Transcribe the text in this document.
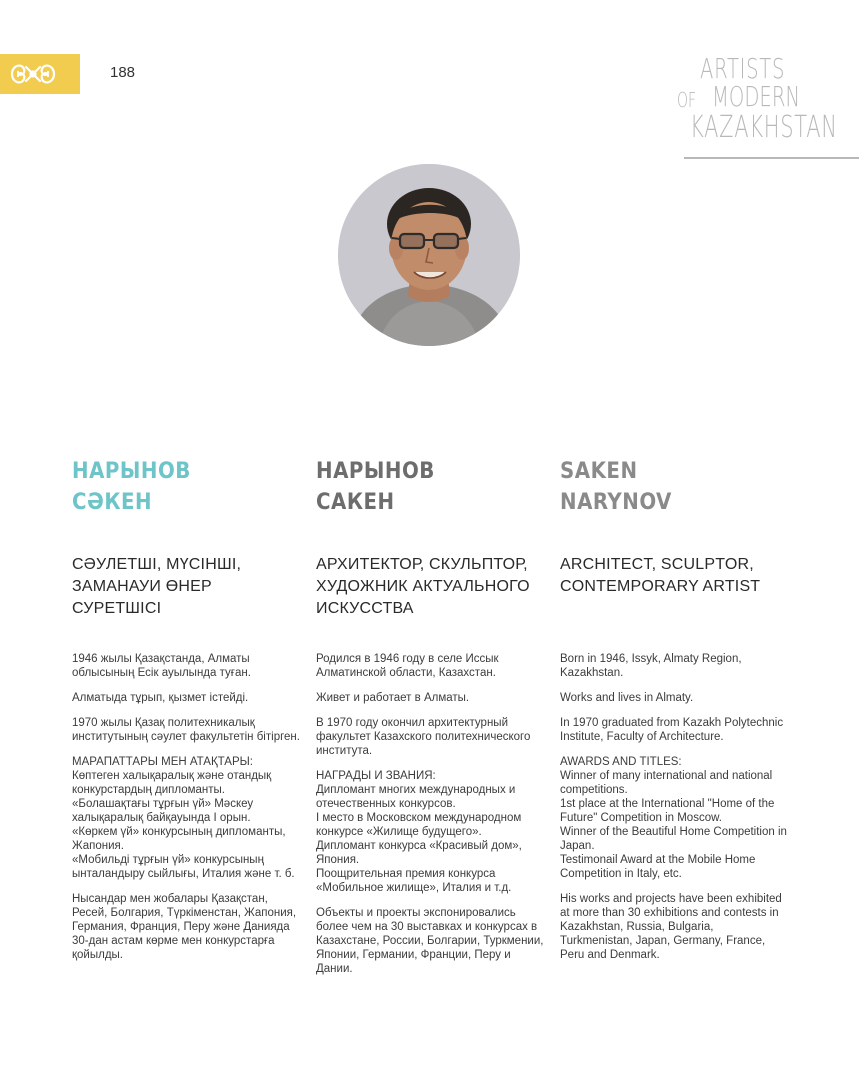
188	ARTISTS
OF MODERN
KAZAKHSTAN
НАРЫНОВ
СӘКЕН
СӘУЛЕТШІ, МҮСІНШІ,
ЗАМАНАУИ ӨНЕР СУРЕТШІСІ

1946 жылы Қазақстанда, Алматы облысының Есік ауылында туған.

Алматыда тұрып, қызмет істейді.

1970 жылы Қазақ политехникалық институтының сәулет факультетін бітірген.

МАРАПАТТАРЫ МЕН АТАҚТАРЫ:
Көптеген халықаралық және отандық конкурстардың дипломанты.
«Болашақтағы тұрғын үй» Мәскеу халықаралық байқауында I орын.
«Көркем үй» конкурсының дипломанты, Жапония.
«Мобильді тұрғын үй» конкурсының ынталандыру сыйлығы, Италия және т. б.

Нысандар мен жобалары Қазақстан, Ресей, Болгария, Түркіменстан, Жапония, Германия, Франция, Перу және Данияда 30-дан астам көрме мен конкурстарға қойылды.

НАРЫНОВ
САКЕН
АРХИТЕКТОР, СКУЛЬПТОР,
ХУДОЖНИК АКТУАЛЬНОГО
ИСКУССТВА

Родился в 1946 году в селе Иссык Алматинской области, Казахстан.

Живет и работает в Алматы.

В 1970 году окончил архитектурный факультет Казахского политехнического института.

НАГРАДЫ И ЗВАНИЯ:
Дипломант многих международных и отечественных конкурсов.
I место в Московском международном конкурсе «Жилище будущего».
Дипломант конкурса «Красивый дом», Япония.
Поощрительная премия конкурса «Мобильное жилище», Италия и т.д.

Объекты и проекты экспонировались более чем на 30 выставках и конкурсах в Казахстане, России, Болгарии, Туркмении, Японии, Германии, Франции, Перу и Дании.

SAKEN
NARYNOV
ARCHITECT, SCULPTOR,
CONTEMPORARY ARTIST

Born in 1946, Issyk, Almaty Region, Kazakhstan.

Works and lives in Almaty.

In 1970 graduated from Kazakh Polytechnic Institute, Faculty of Architecture.

AWARDS AND TITLES:
Winner of many international and national competitions.
1st place at the International "Home of the Future" Competition in Moscow.
Winner of the Beautiful Home Competition in Japan.
Testimonail Award at the Mobile Home Competition in Italy, etc.

His works and projects have been exhibited at more than 30 exhibitions and contests in Kazakhstan, Russia, Bulgaria, Turkmenistan, Japan, Germany, France, Peru and Denmark.
